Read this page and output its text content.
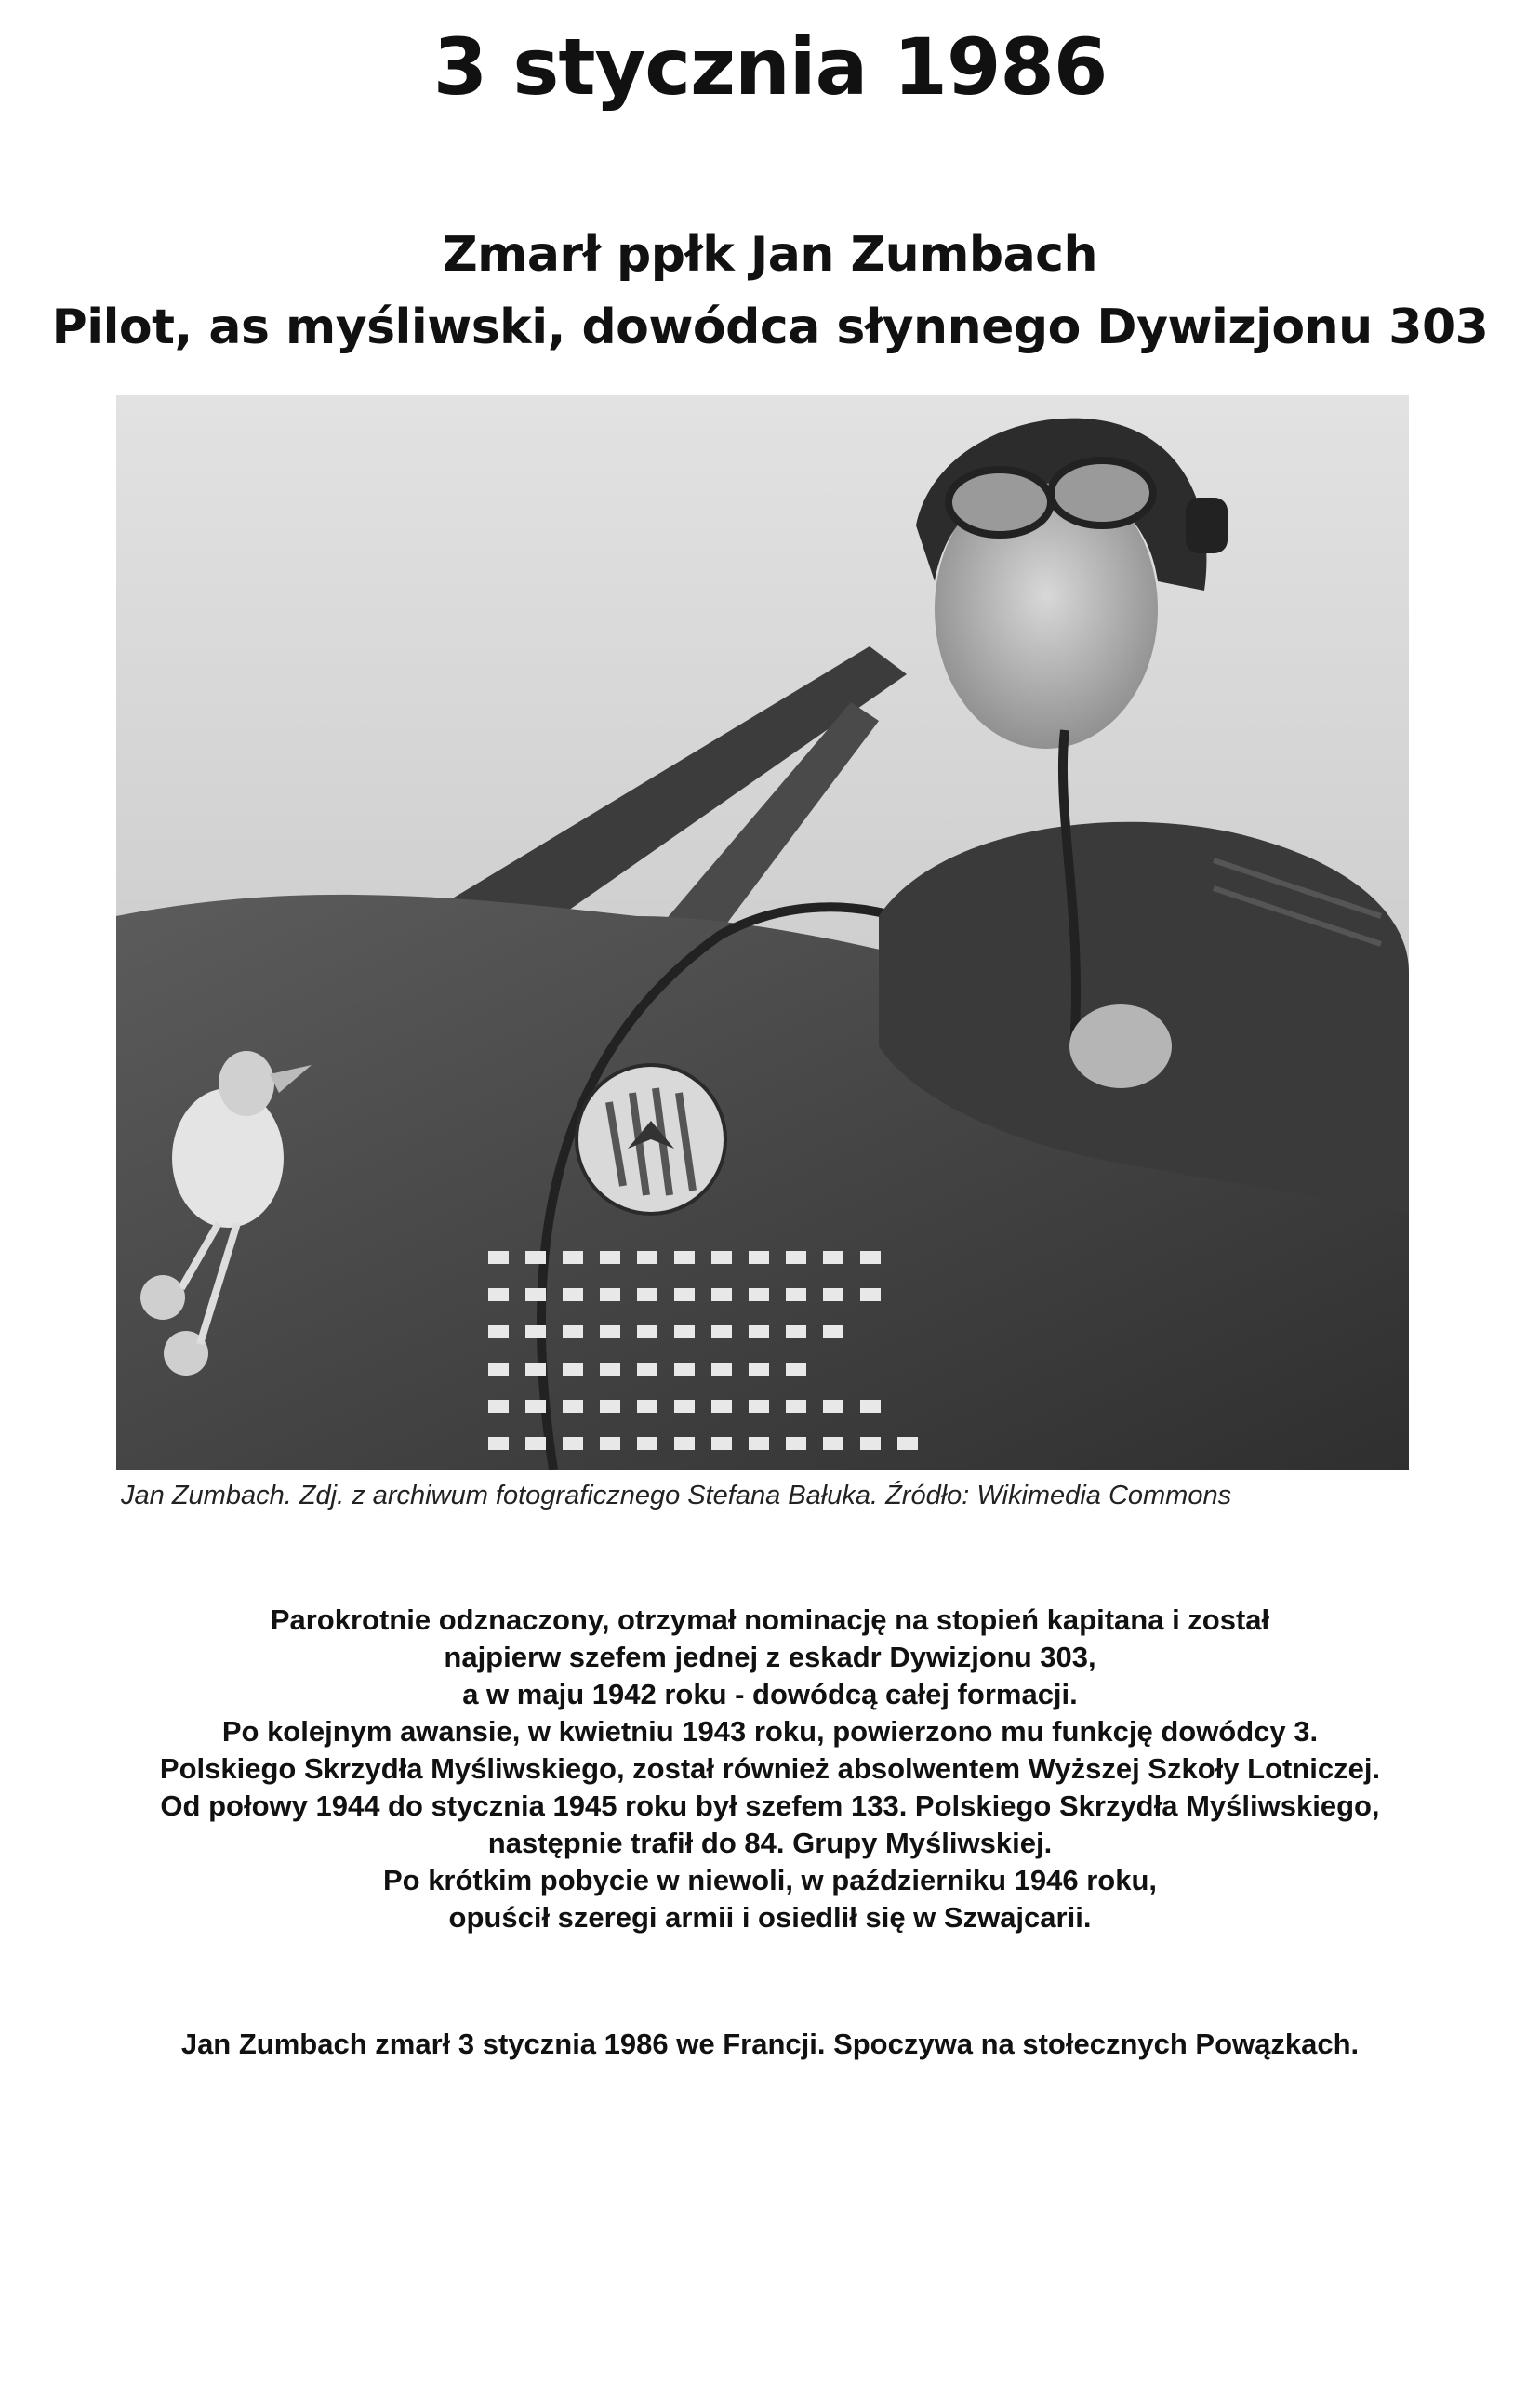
3 stycznia 1986
Zmarł ppłk Jan Zumbach
Pilot, as myśliwski, dowódca słynnego Dywizjonu 303
Jan Zumbach. Zdj. z archiwum fotograficznego Stefana Bałuka. Źródło: Wikimedia Commons
Parokrotnie odznaczony, otrzymał nominację na stopień kapitana i został
najpierw szefem jednej z eskadr Dywizjonu 303,
a w maju 1942 roku - dowódcą całej formacji.
Po kolejnym awansie, w kwietniu 1943 roku, powierzono mu funkcję dowódcy 3.
Polskiego Skrzydła Myśliwskiego, został również absolwentem Wyższej Szkoły Lotniczej.
Od połowy 1944 do stycznia 1945 roku był szefem 133. Polskiego Skrzydła Myśliwskiego,
następnie trafił do 84. Grupy Myśliwskiej.
Po krótkim pobycie w niewoli, w październiku 1946 roku,
opuścił szeregi armii i osiedlił się w Szwajcarii.
Jan Zumbach zmarł 3 stycznia 1986 we Francji. Spoczywa na stołecznych Powązkach.
